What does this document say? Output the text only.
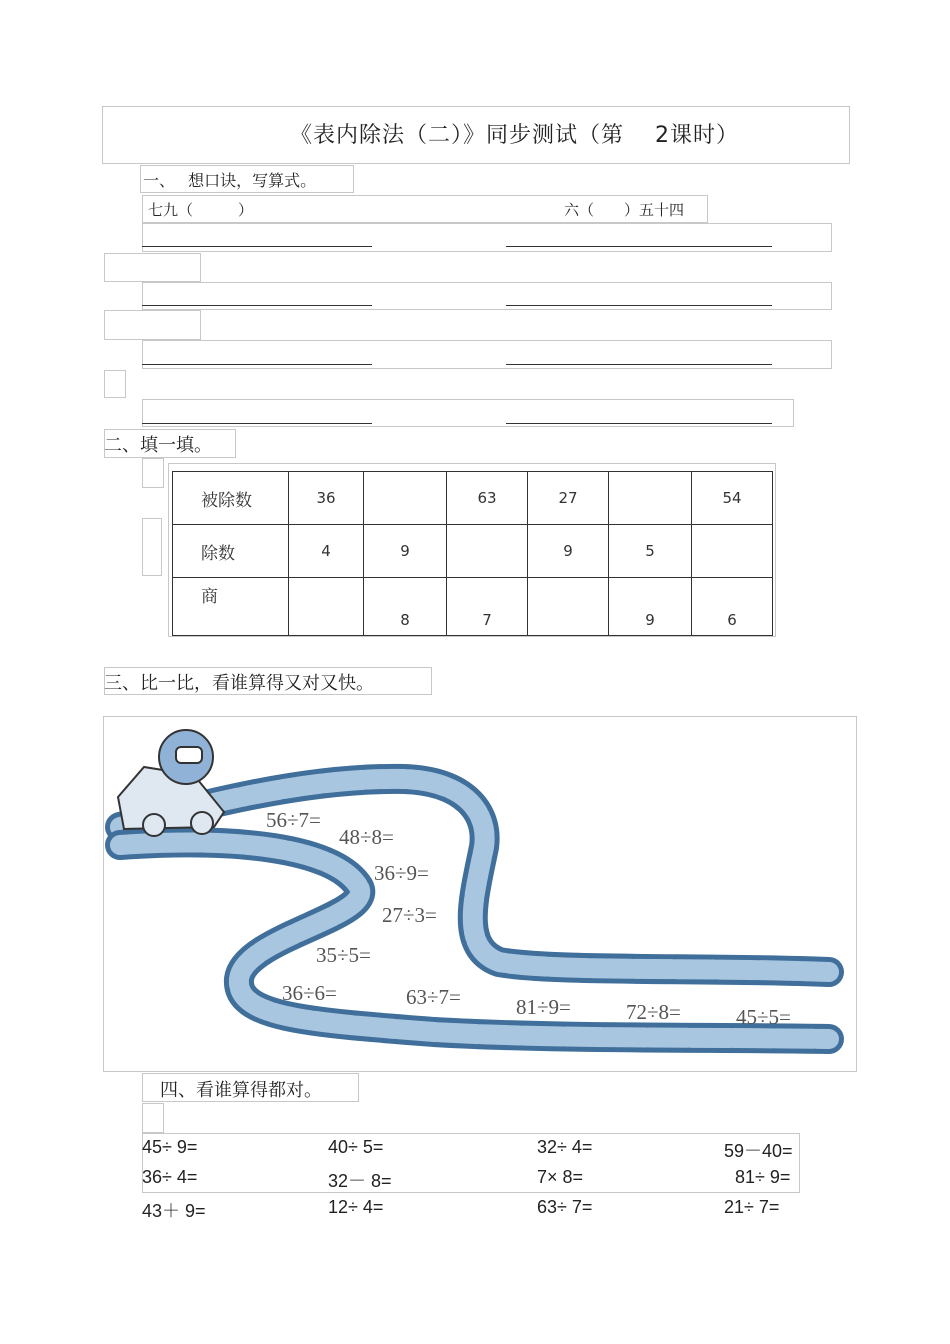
《表内除法（二）》同步测试（第　 2课时）
一、　 想口诀，写算式。
七九（　　　）	六（　　）五十四
二、填一填。
被除数	36		63	27		54
除数	4	9		9	5	
商		8	7		9	6
三、比一比，看谁算得又对又快。
56÷7=
48÷8=
36÷9=
27÷3=
35÷5=
36÷6=	63÷7=	81÷9=	72÷8=	45÷5=
四、看谁算得都对。
45÷ 9=	40÷ 5=	32÷ 4=	59－40=
36÷ 4=	32－ 8=	7× 8=	81÷ 9=
43＋ 9=	12÷ 4=	63÷ 7=	21÷ 7=
